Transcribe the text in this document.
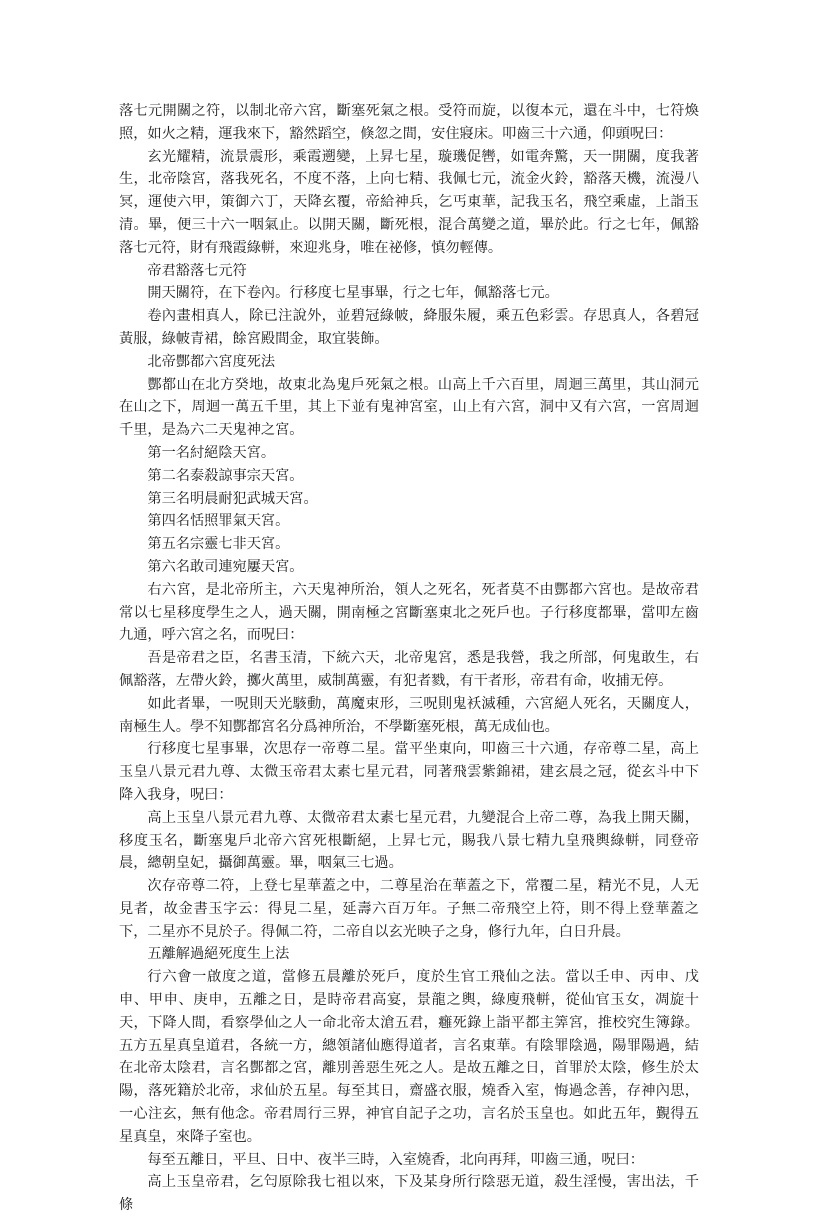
落七元開關之符，以制北帝六宮，斷塞死氣之根。受符而旋，以復本元，還在斗中，七符煥照，如火之精，運我來下，豁然蹈空，倏忽之間，安住寢床。叩齒三十六通，仰頭呪曰：

玄光耀精，流景震形，乘霞遡變，上昇七星，璇璣促轡，如電奔驚，天一開關，度我著生，北帝陰宮，落我死名，不度不落，上向七精、我佩七元，流金火鈴，豁落天機，流漫八冥，運使六甲，策御六丁，天降玄覆，帝給神兵，乞丐東華，記我玉名，飛空乘虛，上詣玉清。畢，便三十六一咽氣止。以開天關，斷死根，混合萬變之道，畢於此。行之七年，佩豁落七元符，財有飛霞綠軿，來迎兆身，唯在祕修，慎勿輕傳。

帝君豁落七元符

開天關符，在下卷內。行移度七星事畢，行之七年，佩豁落七元。

卷內畫相真人，除已注說外，並碧冠綠帔，絳服朱履，乘五色彩雲。存思真人，各碧冠黃服，綠帔青裙，餘宮殿間金，取宜裝飾。

北帝酆都六宮度死法

酆都山在北方癸地，故東北為鬼戶死氣之根。山高上千六百里，周迴三萬里，其山洞元在山之下，周迴一萬五千里，其上下並有鬼神宮室，山上有六宮，洞中又有六宮，一宮周迴千里，是為六二天鬼神之宮。

第一名紂絕陰天宮。

第二名泰殺諒事宗天宮。

第三名明晨耐犯武城天宮。

第四名恬照罪氣天宮。

第五名宗靈七非天宮。

第六名敢司連宛屢天宮。

右六宮，是北帝所主，六天鬼神所治，領人之死名，死者莫不由酆都六宮也。是故帝君常以七星移度學生之人，過天關，開南極之宮斷塞東北之死戶也。子行移度都畢，當叩左齒九通，呼六宮之名，而呪曰：

吾是帝君之臣，名書玉清，下統六天，北帝鬼宮，悉是我營，我之所部，何鬼敢生，右佩豁落，左帶火鈴，擲火萬里，威制萬靈，有犯者戮，有干者形，帝君有命，收捕无停。

如此者畢，一呪則天光駭動，萬魔束形，三呪則鬼袄滅種，六宮絕人死名，天關度人，南極生人。學不知酆都宮名分爲神所治，不學斷塞死根，萬无成仙也。

行移度七星事畢，次思存一帝尊二星。當平坐東向，叩齒三十六通，存帝尊二星，高上玉皇八景元君九尊、太微玉帝君太素七星元君，同著飛雲紫錦裙，建玄晨之冠，從玄斗中下降入我身，呪曰：

高上玉皇八景元君九尊、太微帝君太素七星元君，九變混合上帝二尊，為我上開天關，移度玉名，斷塞鬼戶北帝六宮死根斷絕，上昇七元，賜我八景七精九皇飛輿綠軿，同登帝晨，總朝皇妃，攝御萬靈。畢，咽氣三七過。

次存帝尊二符，上登七星華蓋之中，二尊星治在華蓋之下，常覆二星，精光不見，人无見者，故金書玉字云：得見二星，延壽六百万年。子無二帝飛空上符，則不得上登華蓋之下，二星亦不見於子。得佩二符，二帝自以玄光映子之身，修行九年，白日升晨。

五離解過絕死度生上法

行六會一啟度之道，當修五晨離於死戶，度於生官工飛仙之法。當以壬申、丙申、戊申、甲申、庚申，五離之日，是時帝君高宴，景龍之輿，綠廋飛軿，從仙官玉女，凋旋十天，下降人間，看察學仙之人一命北帝太滄五君，癰死錄上詣平都主筭宮，推校究生簿錄。五方五星真皇道君，各統一方，總領諸仙應得道者，言名東華。有陰罪陰過，陽罪陽過，結在北帝太陰君，言名酆都之宮，離別善惡生死之人。是故五離之日，首罪於太陰，修生於太陽，落死籍於北帝，求仙於五星。每至其日，齋盛衣服，燒香入室，悔過念善，存神內思，一心注玄，無有他念。帝君周行三界，神官自記子之功，言名於玉皇也。如此五年，覲得五星真皇，來降子室也。

每至五離日，平旦、日中、夜半三時，入室燒香，北向再拜，叩齒三通，呪曰：

高上玉皇帝君，乞匄原除我七祖以來，下及某身所行陰惡无道，殺生淫慢，害出法，千條
